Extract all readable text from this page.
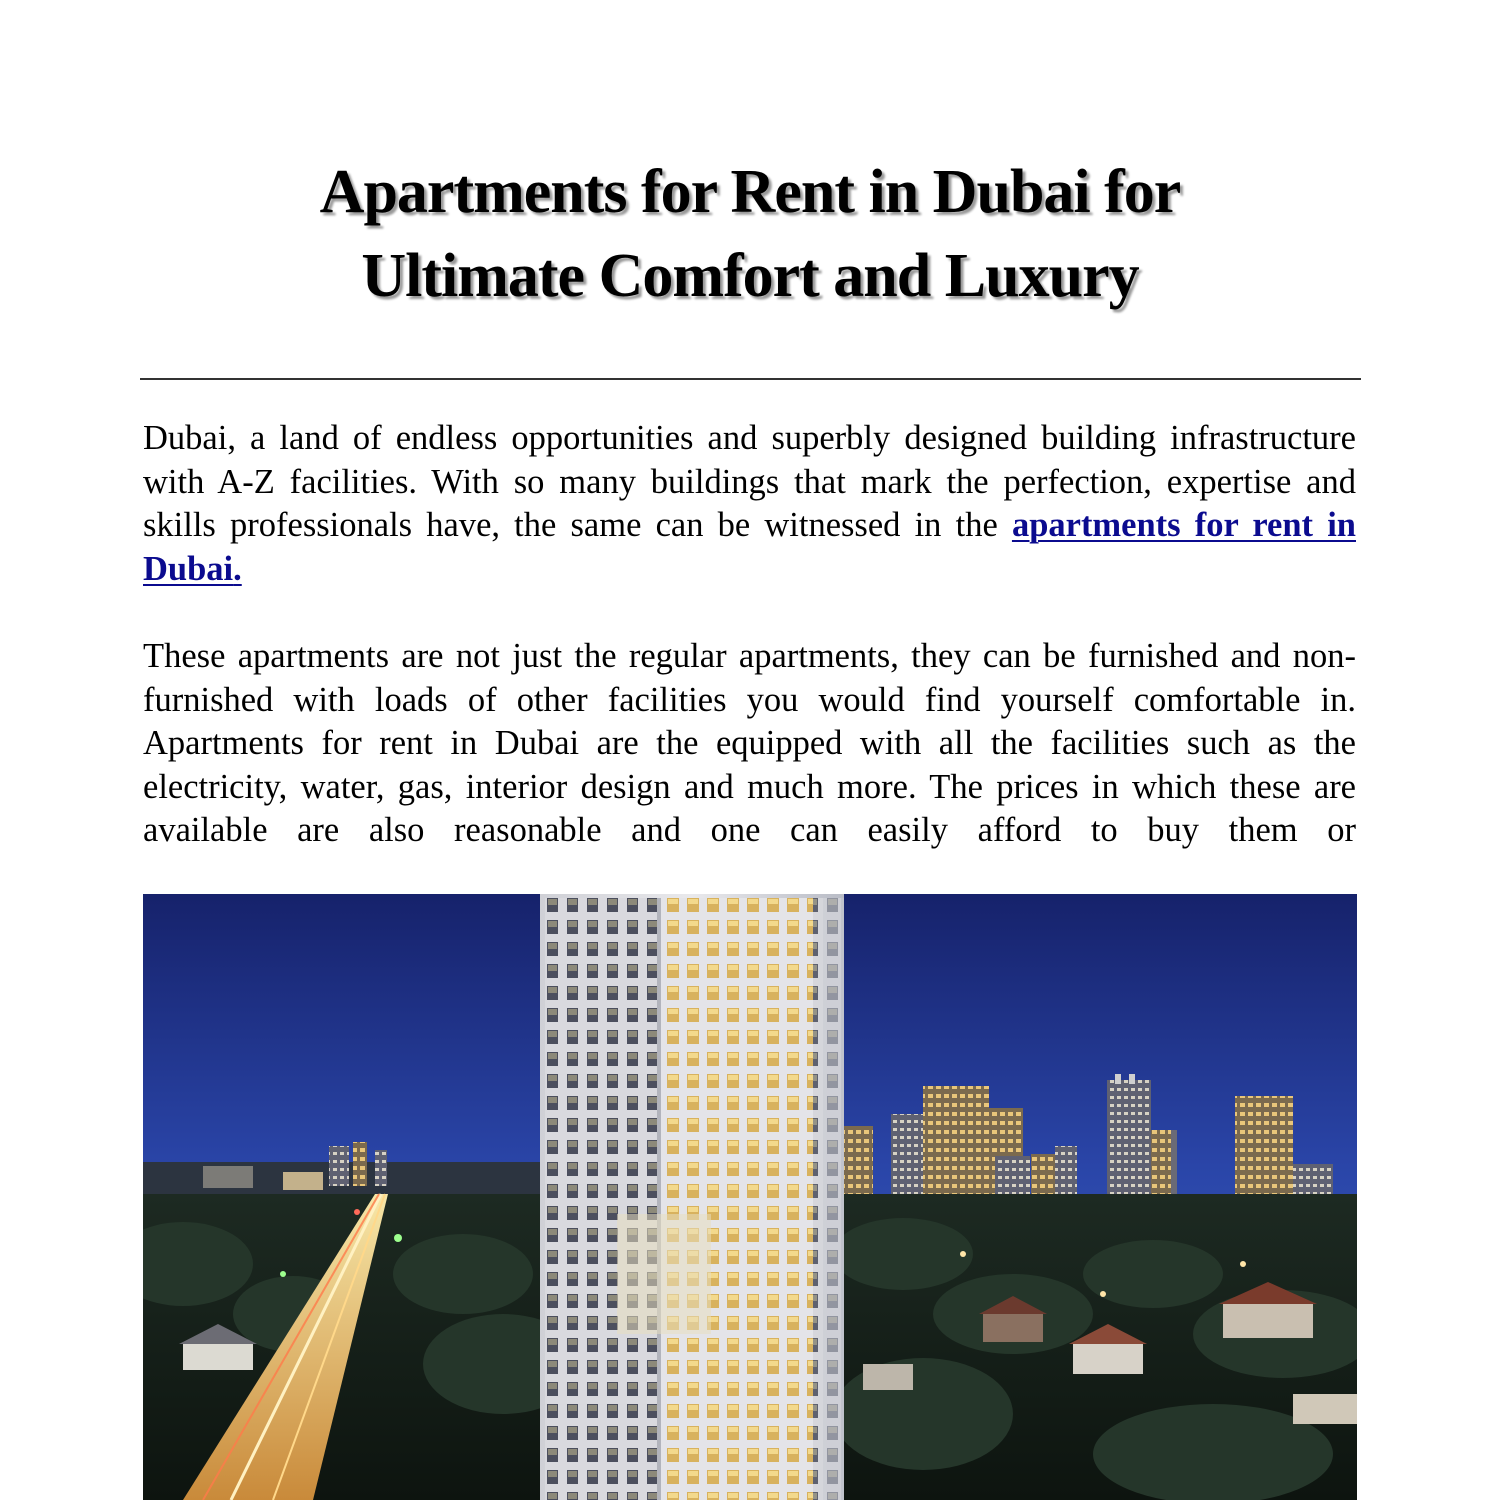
Apartments for Rent in Dubai for
Ultimate Comfort and Luxury

Dubai, a land of endless opportunities and superbly designed building infrastructure with A-Z facilities. With so many buildings that mark the perfection, expertise and skills professionals have, the same can be witnessed in the apartments for rent in Dubai.

These apartments are not just the regular apartments, they can be furnished and non-furnished with loads of other facilities you would find yourself comfortable in. Apartments for rent in Dubai are the equipped with all the facilities such as the electricity, water, gas, interior design and much more. The prices in which these are available are also reasonable and one can easily afford to buy them or
